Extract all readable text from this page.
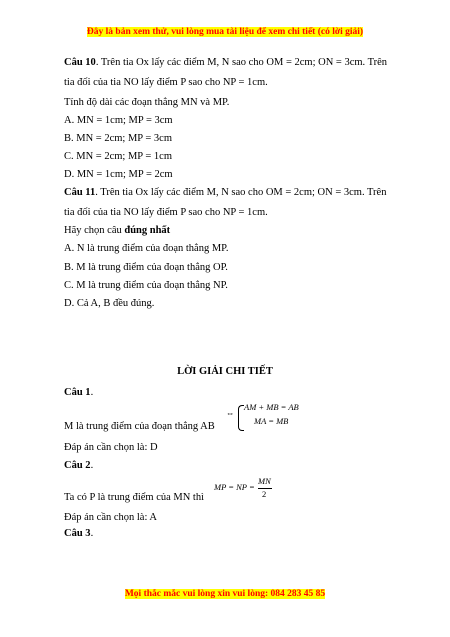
Đây là bản xem thử, vui lòng mua tài liệu để xem chi tiết (có lời giải)
Câu 10. Trên tia Ox lấy các điểm M, N sao cho OM = 2cm; ON = 3cm. Trên
tia đối của tia NO lấy điểm P sao cho NP = 1cm.
Tính độ dài các đoạn thẳng MN và MP.
A. MN = 1cm; MP = 3cm
B. MN = 2cm; MP = 3cm
C. MN = 2cm; MP = 1cm
D. MN = 1cm; MP = 2cm
Câu 11. Trên tia Ox lấy các điểm M, N sao cho OM = 2cm; ON = 3cm. Trên
tia đối của tia NO lấy điểm P sao cho NP = 1cm.
Hãy chọn câu đúng nhất
A. N là trung điểm của đoạn thẳng MP.
B. M là trung điểm của đoạn thẳng OP.
C. M là trung điểm của đoạn thẳng NP.
D. Cả A, B đều đúng.
LỜI GIẢI CHI TIẾT
Câu 1.
M là trung điểm của đoạn thẳng AB
⇔
AM + MB = AB
MA = MB
Đáp án cần chọn là: D
Câu 2.
Ta có P là trung điểm của MN thì
MP = NP =
MN
2
Đáp án cần chọn là: A
Câu 3.
Mọi thắc mắc vui lòng xin vui lòng: 084 283 45 85
